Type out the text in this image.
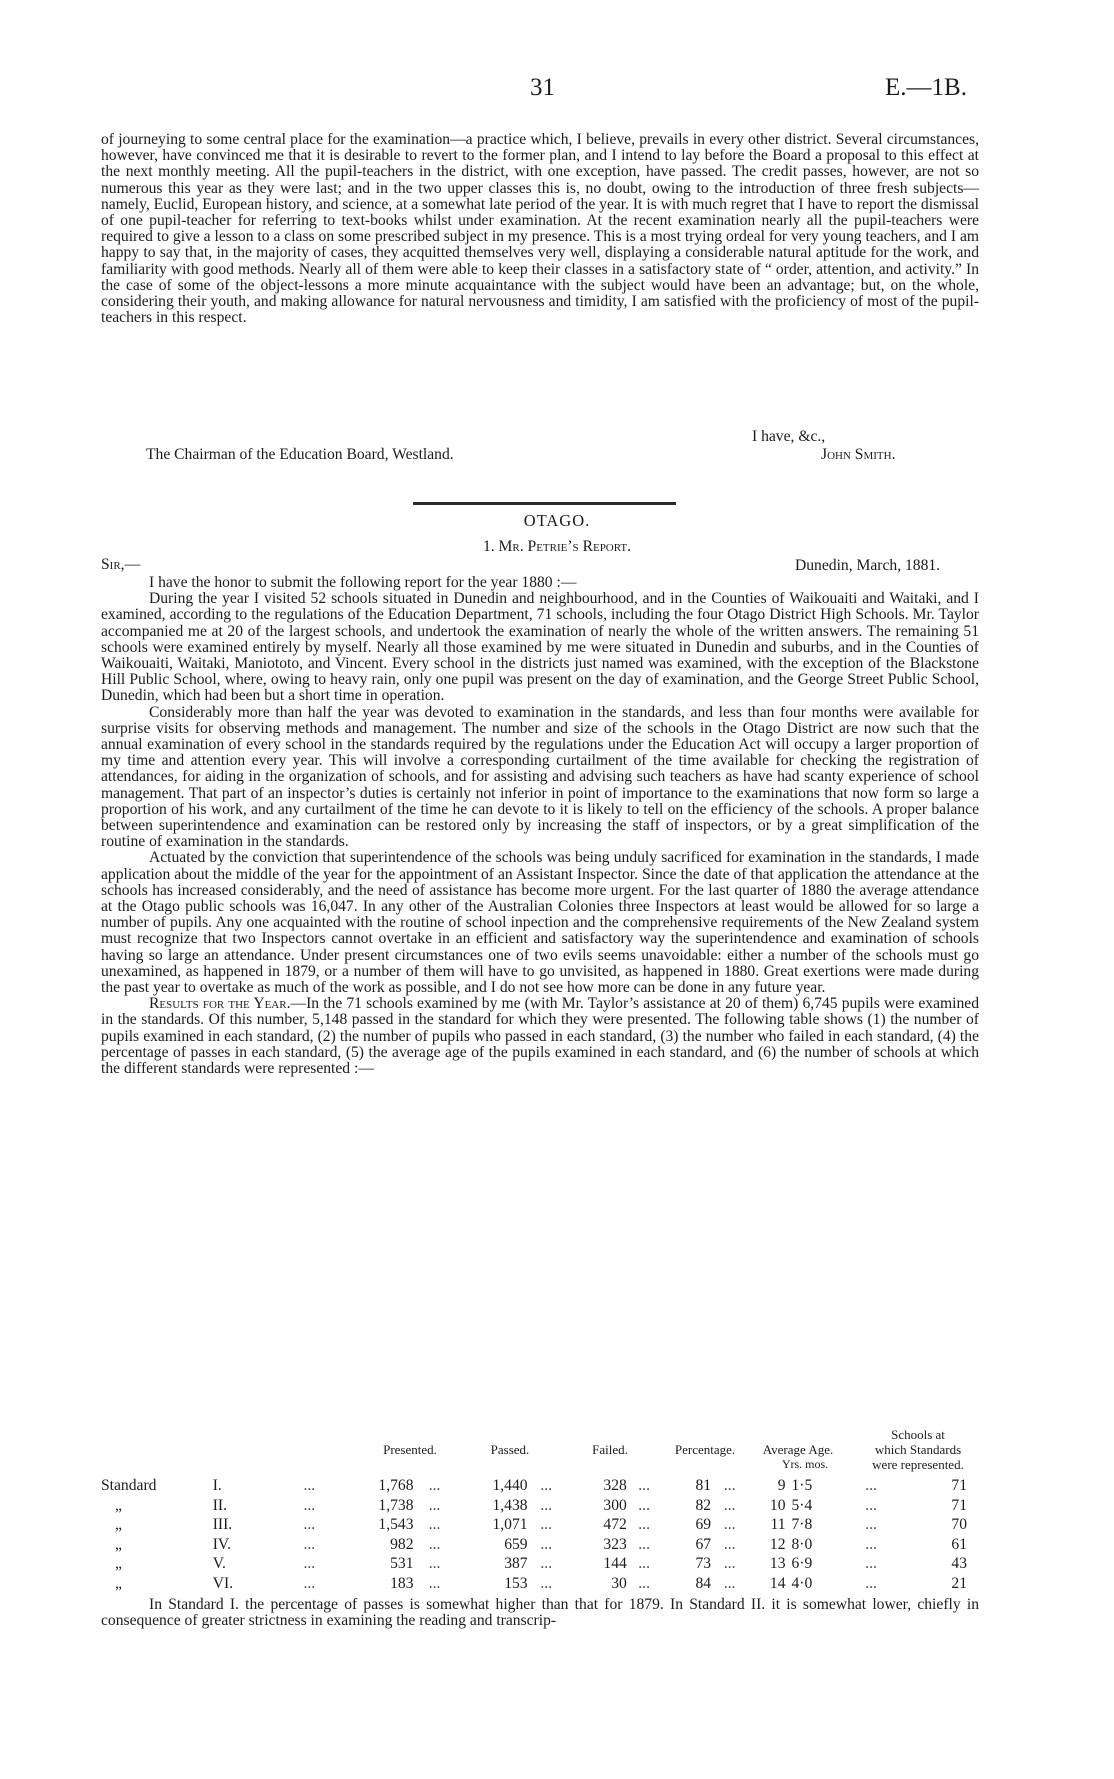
31	E.—1B.

of journeying to some central place for the examination—a practice which, I believe, prevails in every other district. Several circumstances, however, have convinced me that it is desirable to revert to the former plan, and I intend to lay before the Board a proposal to this effect at the next monthly meeting. All the pupil-teachers in the district, with one exception, have passed. The credit passes, however, are not so numerous this year as they were last; and in the two upper classes this is, no doubt, owing to the introduction of three fresh subjects—namely, Euclid, European history, and science, at a somewhat late period of the year. It is with much regret that I have to report the dismissal of one pupil-teacher for referring to text-books whilst under examination. At the recent examination nearly all the pupil-teachers were required to give a lesson to a class on some prescribed subject in my presence. This is a most trying ordeal for very young teachers, and I am happy to say that, in the majority of cases, they acquitted themselves very well, displaying a considerable natural aptitude for the work, and familiarity with good methods. Nearly all of them were able to keep their classes in a satisfactory state of “ order, attention, and activity.” In the case of some of the object-lessons a more minute acquaintance with the subject would have been an advantage; but, on the whole, considering their youth, and making allowance for natural nervousness and timidity, I am satisfied with the proficiency of most of the pupil-teachers in this respect.

I have, &c.,
The Chairman of the Education Board, Westland.	John Smith.
OTAGO.
1. Mr. Petrie’s Report.
Sir,—	Dunedin, March, 1881.

I have the honor to submit the following report for the year 1880 :—

During the year I visited 52 schools situated in Dunedin and neighbourhood, and in the Counties of Waikouaiti and Waitaki, and I examined, according to the regulations of the Education Department, 71 schools, including the four Otago District High Schools. Mr. Taylor accompanied me at 20 of the largest schools, and undertook the examination of nearly the whole of the written answers. The remaining 51 schools were examined entirely by myself. Nearly all those examined by me were situated in Dunedin and suburbs, and in the Counties of Waikouaiti, Waitaki, Maniototo, and Vincent. Every school in the districts just named was examined, with the exception of the Blackstone Hill Public School, where, owing to heavy rain, only one pupil was present on the day of examination, and the George Street Public School, Dunedin, which had been but a short time in operation.

Considerably more than half the year was devoted to examination in the standards, and less than four months were available for surprise visits for observing methods and management. The number and size of the schools in the Otago District are now such that the annual examination of every school in the standards required by the regulations under the Education Act will occupy a larger proportion of my time and attention every year. This will involve a corresponding curtailment of the time available for checking the registration of attendances, for aiding in the organization of schools, and for assisting and advising such teachers as have had scanty experience of school management. That part of an inspector’s duties is certainly not inferior in point of importance to the examinations that now form so large a proportion of his work, and any curtailment of the time he can devote to it is likely to tell on the efficiency of the schools. A proper balance between superintendence and examination can be restored only by increasing the staff of inspectors, or by a great simplification of the routine of examination in the standards.

Actuated by the conviction that superintendence of the schools was being unduly sacrificed for examination in the standards, I made application about the middle of the year for the appointment of an Assistant Inspector. Since the date of that application the attendance at the schools has increased considerably, and the need of assistance has become more urgent. For the last quarter of 1880 the average attendance at the Otago public schools was 16,047. In any other of the Australian Colonies three Inspectors at least would be allowed for so large a number of pupils. Any one acquainted with the routine of school inpection and the comprehensive requirements of the New Zealand system must recognize that two Inspectors cannot overtake in an efficient and satisfactory way the superintendence and examination of schools having so large an attendance. Under present circumstances one of two evils seems unavoidable: either a number of the schools must go unexamined, as happened in 1879, or a number of them will have to go unvisited, as happened in 1880. Great exertions were made during the past year to overtake as much of the work as possible, and I do not see how more can be done in any future year.

Results for the Year.—In the 71 schools examined by me (with Mr. Taylor’s assistance at 20 of them) 6,745 pupils were examined in the standards. Of this number, 5,148 passed in the standard for which they were presented. The following table shows (1) the number of pupils examined in each standard, (2) the number of pupils who passed in each standard, (3) the number who failed in each standard, (4) the percentage of passes in each standard, (5) the average age of the pupils examined in each standard, and (6) the number of schools at which the different standards were represented :—

Presented.	Passed.	Failed.	Percentage.	Average Age.
Yrs. mos.
Schools at
which Standards
were represented.
Standard	I.	...	1,768	...	1,440	...	328	...	81	...	9	1·5	...	71
„	II.	...	1,738	...	1,438	...	300	...	82	...	10	5·4	...	71
„	III.	...	1,543	...	1,071	...	472	...	69	...	11	7·8	...	70
„	IV.	...	982	...	659	...	323	...	67	...	12	8·0	...	61
„	V.	...	531	...	387	...	144	...	73	...	13	6·9	...	43
„	VI.	...	183	...	153	...	30	...	84	...	14	4·0	...	21

In Standard I. the percentage of passes is somewhat higher than that for 1879. In Standard II. it is somewhat lower, chiefly in consequence of greater strictness in examining the reading and transcrip-
